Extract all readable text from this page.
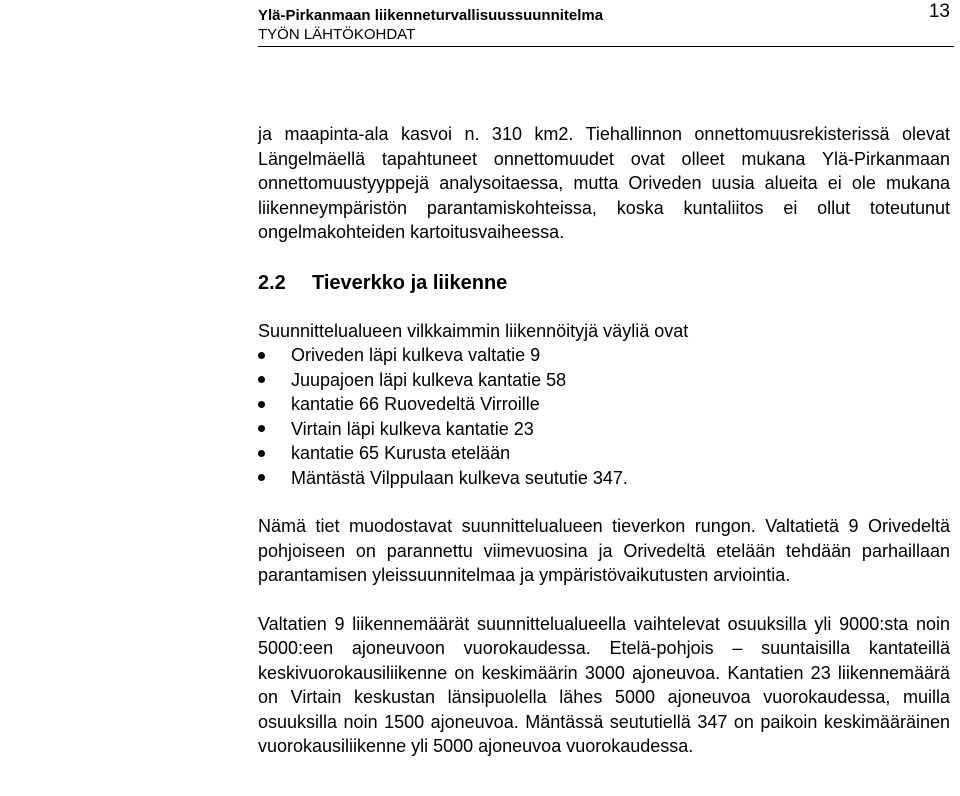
Ylä-Pirkanmaan liikenneturvallisuussuunnitelma
TYÖN LÄHTÖKOHDAT
13

ja maapinta-ala kasvoi n. 310 km2. Tiehallinnon onnettomuusrekisterissä olevat Längelmäellä tapahtuneet onnettomuudet ovat olleet mukana Ylä-Pirkanmaan onnettomuustyyppejä analysoitaessa, mutta Oriveden uusia alueita ei ole mukana liikenneympäristön parantamiskohteissa, koska kuntaliitos ei ollut toteutunut ongelmakohteiden kartoitusvaiheessa.

2.2	Tieverkko ja liikenne

Suunnittelualueen vilkkaimmin liikennöityjä väyliä ovat

Oriveden läpi kulkeva valtatie 9
Juupajoen läpi kulkeva kantatie 58
kantatie 66 Ruovedeltä Virroille
Virtain läpi kulkeva kantatie 23
kantatie 65 Kurusta etelään
Mäntästä Vilppulaan kulkeva seututie 347.

Nämä tiet muodostavat suunnittelualueen tieverkon rungon. Valtatietä 9 Orivedeltä pohjoiseen on parannettu viimevuosina ja Orivedeltä etelään tehdään parhaillaan parantamisen yleissuunnitelmaa ja ympäristövaikutusten arviointia.

Valtatien 9 liikennemäärät suunnittelualueella vaihtelevat osuuksilla yli 9000:sta noin 5000:een ajoneuvoon vuorokaudessa. Etelä-pohjois – suuntaisilla kantateillä keskivuorokausiliikenne on keskimäärin 3000 ajoneuvoa. Kantatien 23 liikennemäärä on Virtain keskustan länsipuolella lähes 5000 ajoneuvoa vuorokaudessa, muilla osuuksilla noin 1500 ajoneuvoa. Mäntässä seututiellä 347 on paikoin keskimääräinen vuorokausiliikenne yli 5000 ajoneuvoa vuorokaudessa.
